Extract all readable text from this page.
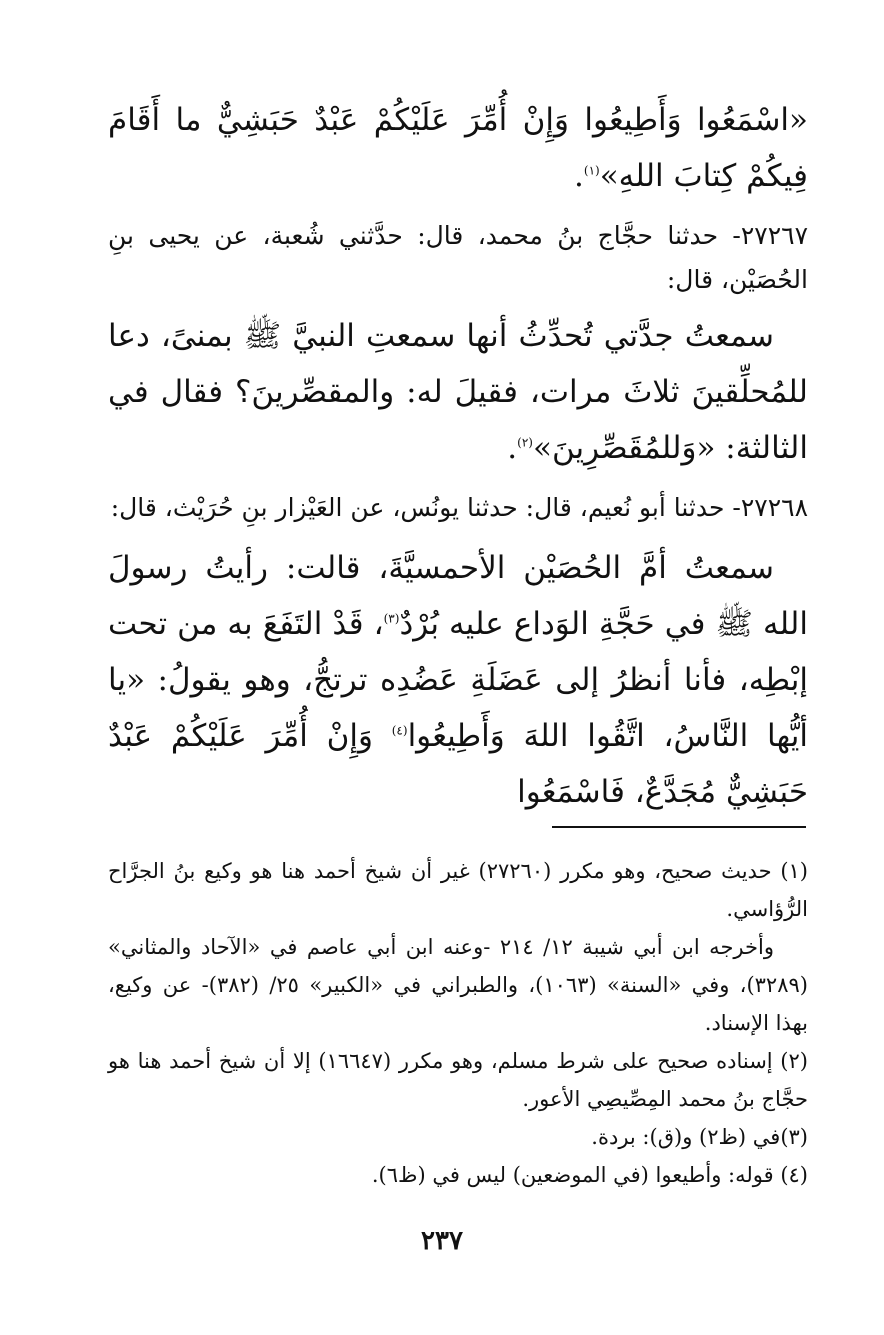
«اسْمَعُوا وَأَطِيعُوا وَإِنْ أُمِّرَ عَلَيْكُمْ عَبْدٌ حَبَشِيٌّ ما أَقَامَ فِيكُمْ كِتابَ اللهِ»$^{(١)}$.

٢٧٢٦٧- حدثنا حجَّاج بنُ محمد، قال: حدَّثني شُعبة، عن يحيى بنِ الحُصَيْن، قال:

سمعتُ جدَّتي تُحدِّثُ أنها سمعتِ النبيَّ ﷺ بمنىً، دعا للمُحلِّقينَ ثلاثَ مرات، فقيلَ له: والمقصِّرينَ؟ فقال في الثالثة: «وَللمُقَصِّرِينَ»$^{(٢)}$.

٢٧٢٦٨- حدثنا أبو نُعيم، قال: حدثنا يونُس، عن العَيْزار بنِ حُرَيْث، قال:

سمعتُ أمَّ الحُصَيْن الأحمسيَّةَ، قالت: رأيتُ رسولَ الله ﷺ في حَجَّةِ الوَداع عليه بُرْدٌ$^{(٣)}$، قَدْ التَفَعَ به من تحت إبْطِه، فأنا أنظرُ إلى عَضَلَةِ عَضُدِه ترتجُّ، وهو يقولُ: «يا أيُّها النَّاسُ، اتَّقُوا اللهَ وَأَطِيعُوا$^{(٤)}$ وَإِنْ أُمِّرَ عَلَيْكُمْ عَبْدٌ حَبَشِيٌّ مُجَدَّعٌ، فَاسْمَعُوا

(١) حديث صحيح، وهو مكرر (٢٧٢٦٠) غير أن شيخ أحمد هنا هو وكيع بنُ الجرَّاح الرُّؤاسي.

وأخرجه ابن أبي شيبة ١٢/ ٢١٤ -وعنه ابن أبي عاصم في «الآحاد والمثاني» (٣٢٨٩)، وفي «السنة» (١٠٦٣)، والطبراني في «الكبير» ٢٥/ (٣٨٢)- عن وكيع، بهذا الإسناد.

(٢) إسناده صحيح على شرط مسلم، وهو مكرر (١٦٦٤٧) إلا أن شيخ أحمد هنا هو حجَّاج بنُ محمد المِصِّيصِي الأعور.

(٣)في (ظ٢) و(ق): بردة.

(٤) قوله: وأطيعوا (في الموضعين) ليس في (ظ٦).

٢٣٧
